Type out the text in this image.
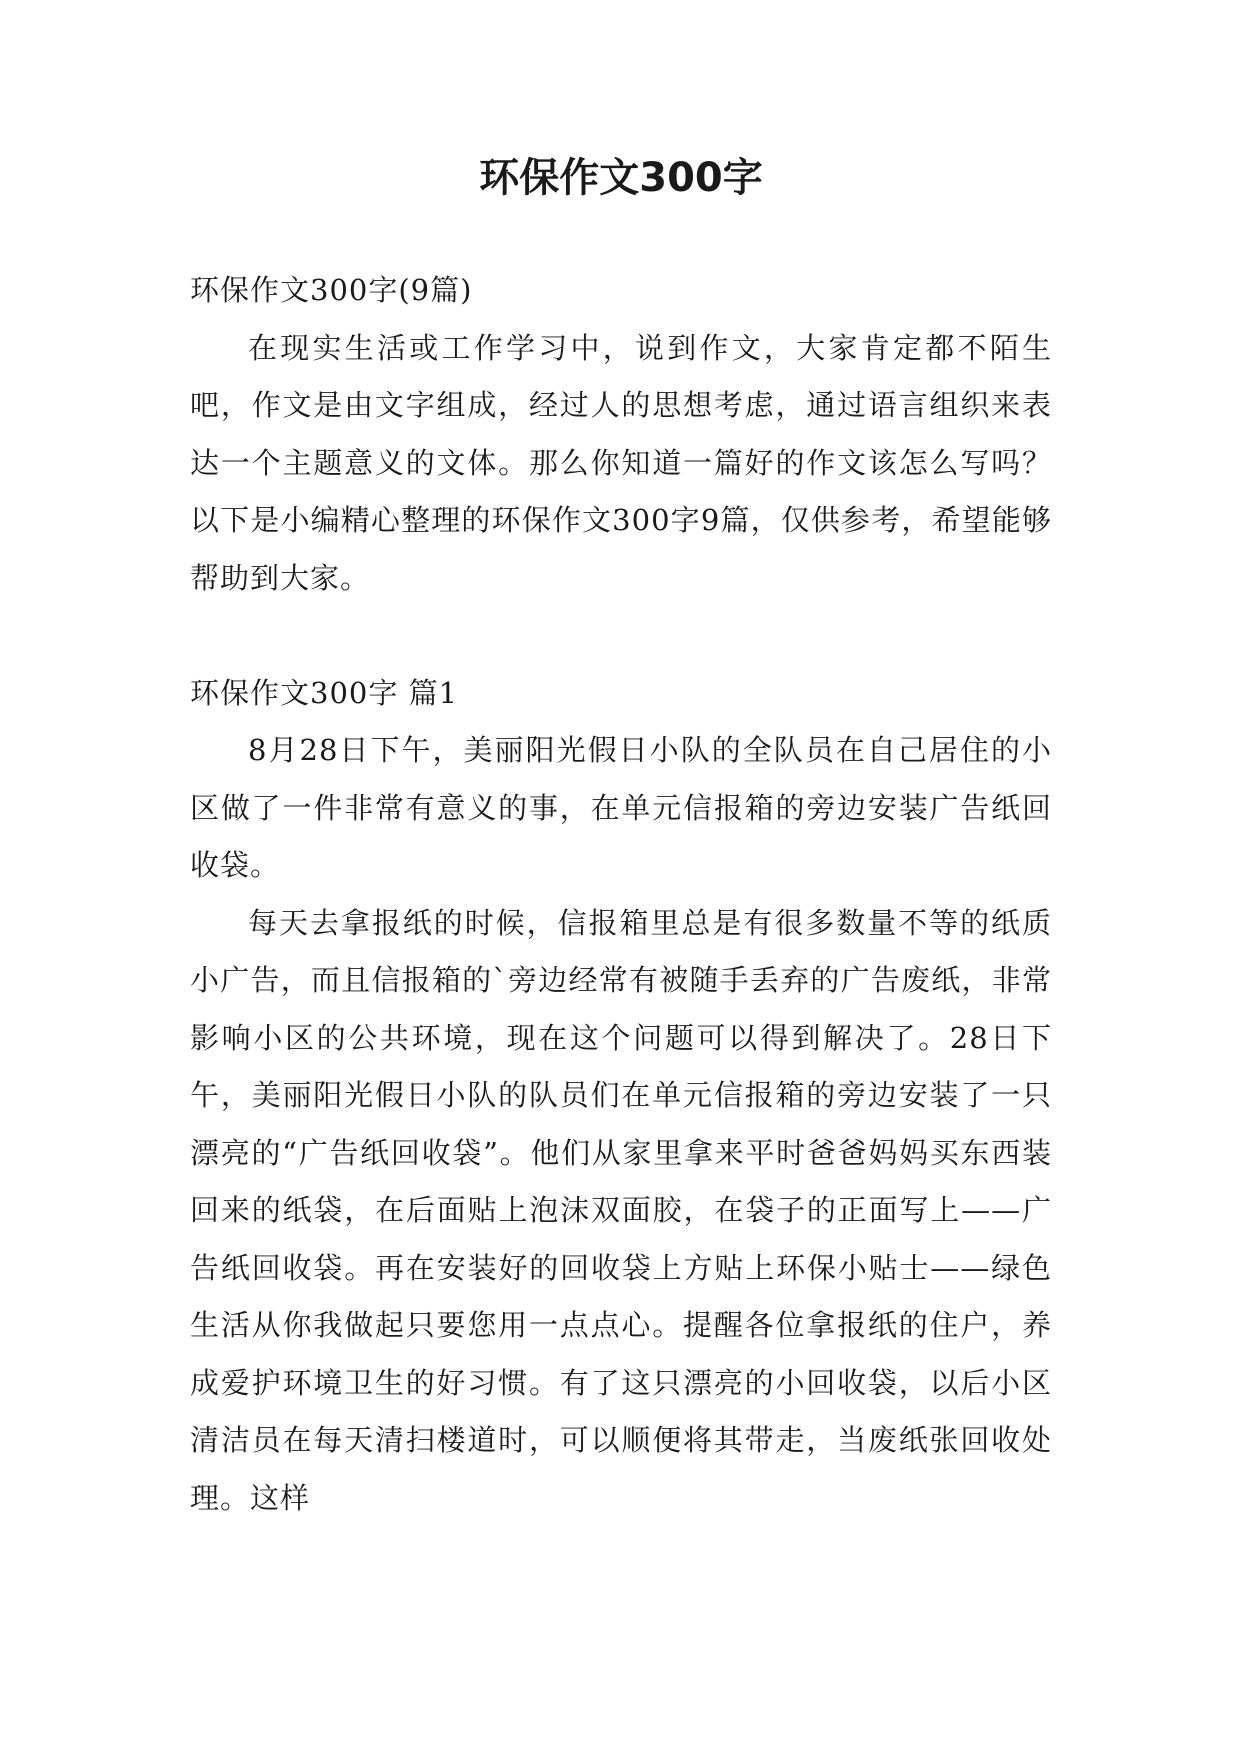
环保作文300字

环保作文300字(9篇)

在现实生活或工作学习中，说到作文，大家肯定都不陌生吧，作文是由文字组成，经过人的思想考虑，通过语言组织来表达一个主题意义的文体。那么你知道一篇好的作文该怎么写吗？以下是小编精心整理的环保作文300字9篇，仅供参考，希望能够帮助到大家。

环保作文300字 篇1

8月28日下午，美丽阳光假日小队的全队员在自己居住的小区做了一件非常有意义的事，在单元信报箱的旁边安装广告纸回收袋。

每天去拿报纸的时候，信报箱里总是有很多数量不等的纸质小广告，而且信报箱的`旁边经常有被随手丢弃的广告废纸，非常影响小区的公共环境，现在这个问题可以得到解决了。28日下午，美丽阳光假日小队的队员们在单元信报箱的旁边安装了一只漂亮的“广告纸回收袋”。他们从家里拿来平时爸爸妈妈买东西装回来的纸袋，在后面贴上泡沫双面胶，在袋子的正面写上——广告纸回收袋。再在安装好的回收袋上方贴上环保小贴士——绿色生活从你我做起只要您用一点点心。提醒各位拿报纸的住户，养成爱护环境卫生的好习惯。有了这只漂亮的小回收袋，以后小区清洁员在每天清扫楼道时，可以顺便将其带走，当废纸张回收处理。这样
